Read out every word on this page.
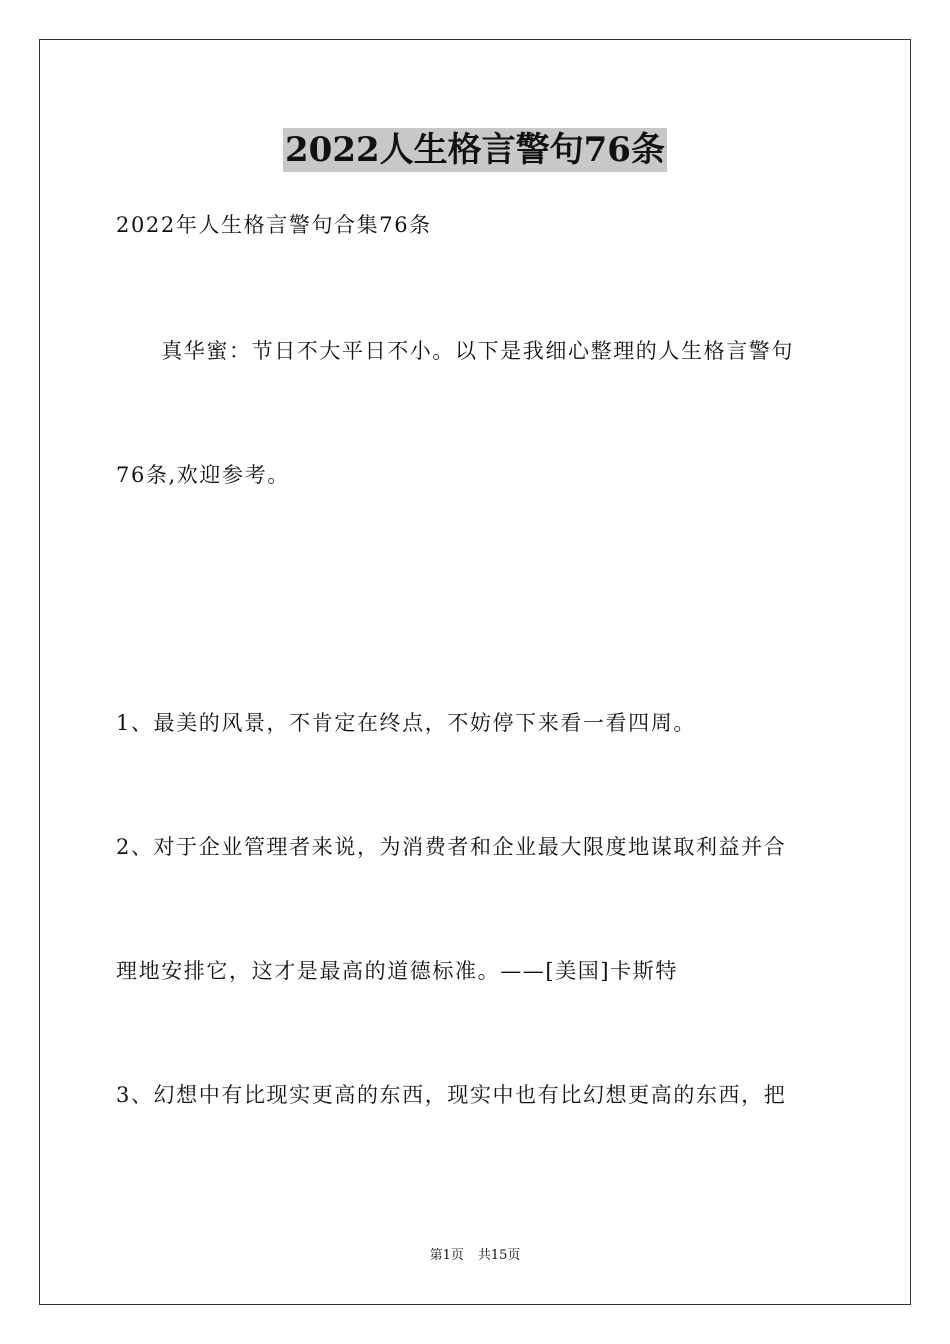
2022人生格言警句76条
2022年人生格言警句合集76条
　　真华蜜：节日不大平日不小。以下是我细心整理的人生格言警句
76条,欢迎参考。
1、最美的风景，不肯定在终点，不妨停下来看一看四周。
2、对于企业管理者来说，为消费者和企业最大限度地谋取利益并合
理地安排它，这才是最高的道德标准。——[美国]卡斯特
3、幻想中有比现实更高的东西，现实中也有比幻想更高的东西，把
第1页 共15页
